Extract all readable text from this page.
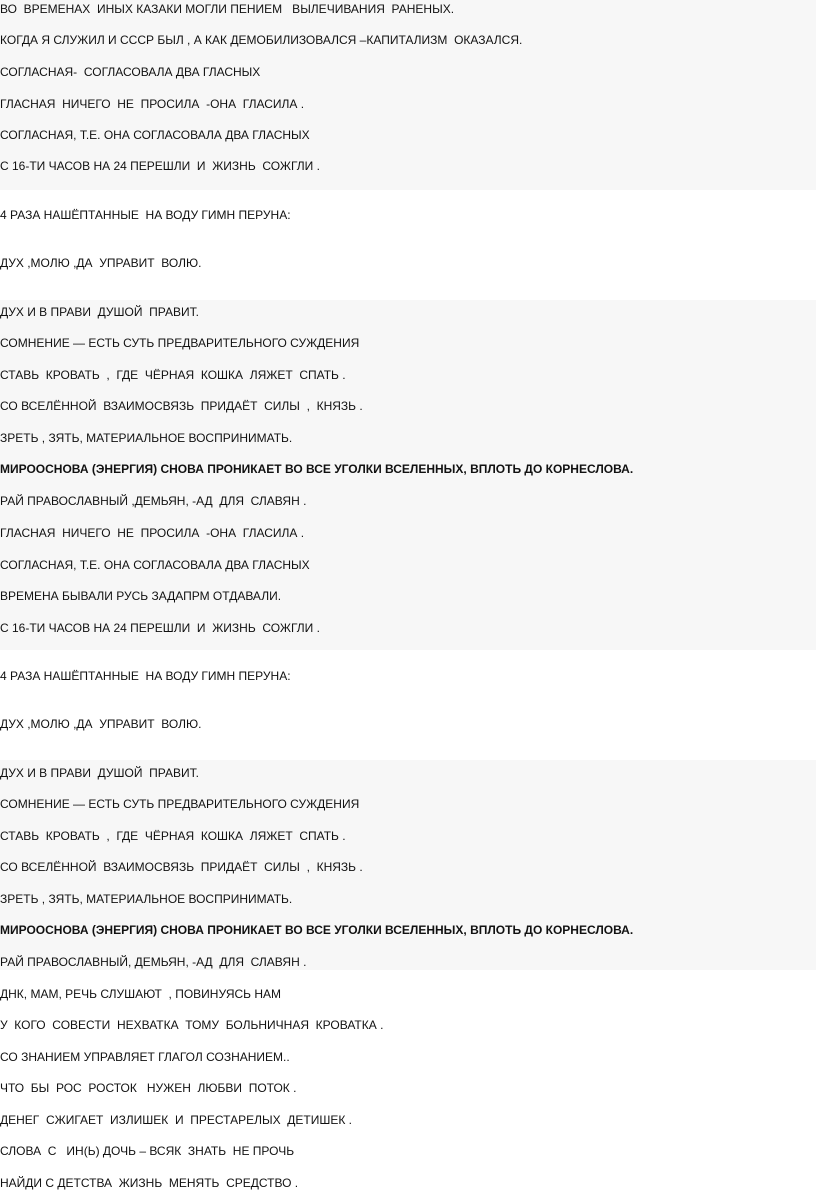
ВО  ВРЕМЕНАХ  ИНЫХ КАЗАКИ МОГЛИ ПЕНИЕМ   ВЫЛЕЧИВАНИЯ  РАНЕНЫХ.
КОГДА Я СЛУЖИЛ И СССР БЫЛ , А КАК ДЕМОБИЛИЗОВАЛСЯ –КАПИТАЛИЗМ  ОКАЗАЛСЯ.
СОГЛАСНАЯ-  СОГЛАСОВАЛА ДВА ГЛАСНЫХ
ГЛАСНАЯ  НИЧЕГО  НЕ  ПРОСИЛА  -ОНА  ГЛАСИЛА .
СОГЛАСНАЯ, Т.Е. ОНА СОГЛАСОВАЛА ДВА ГЛАСНЫХ
С 16-ТИ ЧАСОВ НА 24 ПЕРЕШЛИ  И  ЖИЗНЬ  СОЖГЛИ .
4 РАЗА НАШЁПТАННЫЕ  НА ВОДУ ГИМН ПЕРУНА:
ДУХ ,МОЛЮ ,ДА  УПРАВИТ  ВОЛЮ.
ДУХ И В ПРАВИ  ДУШОЙ  ПРАВИТ.
СОМНЕНИЕ — ЕСТЬ СУТЬ ПРЕДВАРИТЕЛЬНОГО СУЖДЕНИЯ
СТАВЬ  КРОВАТЬ  ,  ГДЕ  ЧЁРНАЯ  КОШКА  ЛЯЖЕТ  СПАТЬ .
СО ВСЕЛЁННОЙ  ВЗАИМОСВЯЗЬ  ПРИДАЁТ  СИЛЫ  ,  КНЯЗЬ .
ЗРЕТЬ , ЗЯТЬ, МАТЕРИАЛЬНОЕ ВОСПРИНИМАТЬ.
МИРООСНОВА (ЭНЕРГИЯ) СНОВА ПРОНИКАЕТ ВО ВСЕ УГОЛКИ ВСЕЛЕННЫХ, ВПЛОТЬ ДО КОРНЕСЛОВА.
РАЙ ПРАВОСЛАВНЫЙ ,ДЕМЬЯН, -АД  ДЛЯ  СЛАВЯН .
ГЛАСНАЯ  НИЧЕГО  НЕ  ПРОСИЛА  -ОНА  ГЛАСИЛА .
СОГЛАСНАЯ, Т.Е. ОНА СОГЛАСОВАЛА ДВА ГЛАСНЫХ
ВРЕМЕНА БЫВАЛИ РУСЬ ЗАДАПРМ ОТДАВАЛИ.
С 16-ТИ ЧАСОВ НА 24 ПЕРЕШЛИ  И  ЖИЗНЬ  СОЖГЛИ .
4 РАЗА НАШЁПТАННЫЕ  НА ВОДУ ГИМН ПЕРУНА:
ДУХ ,МОЛЮ ,ДА  УПРАВИТ  ВОЛЮ.
ДУХ И В ПРАВИ  ДУШОЙ  ПРАВИТ.
СОМНЕНИЕ — ЕСТЬ СУТЬ ПРЕДВАРИТЕЛЬНОГО СУЖДЕНИЯ
СТАВЬ  КРОВАТЬ  ,  ГДЕ  ЧЁРНАЯ  КОШКА  ЛЯЖЕТ  СПАТЬ .
СО ВСЕЛЁННОЙ  ВЗАИМОСВЯЗЬ  ПРИДАЁТ  СИЛЫ  ,  КНЯЗЬ .
ЗРЕТЬ , ЗЯТЬ, МАТЕРИАЛЬНОЕ ВОСПРИНИМАТЬ.
МИРООСНОВА (ЭНЕРГИЯ) СНОВА ПРОНИКАЕТ ВО ВСЕ УГОЛКИ ВСЕЛЕННЫХ, ВПЛОТЬ ДО КОРНЕСЛОВА.
РАЙ ПРАВОСЛАВНЫЙ, ДЕМЬЯН, -АД  ДЛЯ  СЛАВЯН .
ДНК, МАМ, РЕЧЬ СЛУШАЮТ  , ПОВИНУЯСЬ НАМ
У  КОГО  СОВЕСТИ  НЕХВАТКА  ТОМУ  БОЛЬНИЧНАЯ  КРОВАТКА .
СО ЗНАНИЕМ УПРАВЛЯЕТ ГЛАГОЛ СОЗНАНИЕМ..
ЧТО  БЫ  РОС  РОСТОК   НУЖЕН  ЛЮБВИ  ПОТОК .
ДЕНЕГ  СЖИГАЕТ  ИЗЛИШЕК  И  ПРЕСТАРЕЛЫХ  ДЕТИШЕК .
СЛОВА  С   ИН(Ь) ДОЧЬ – ВСЯК  ЗНАТЬ  НЕ ПРОЧЬ
НАЙДИ С ДЕТСТВА  ЖИЗНЬ  МЕНЯТЬ  СРЕДСТВО .
